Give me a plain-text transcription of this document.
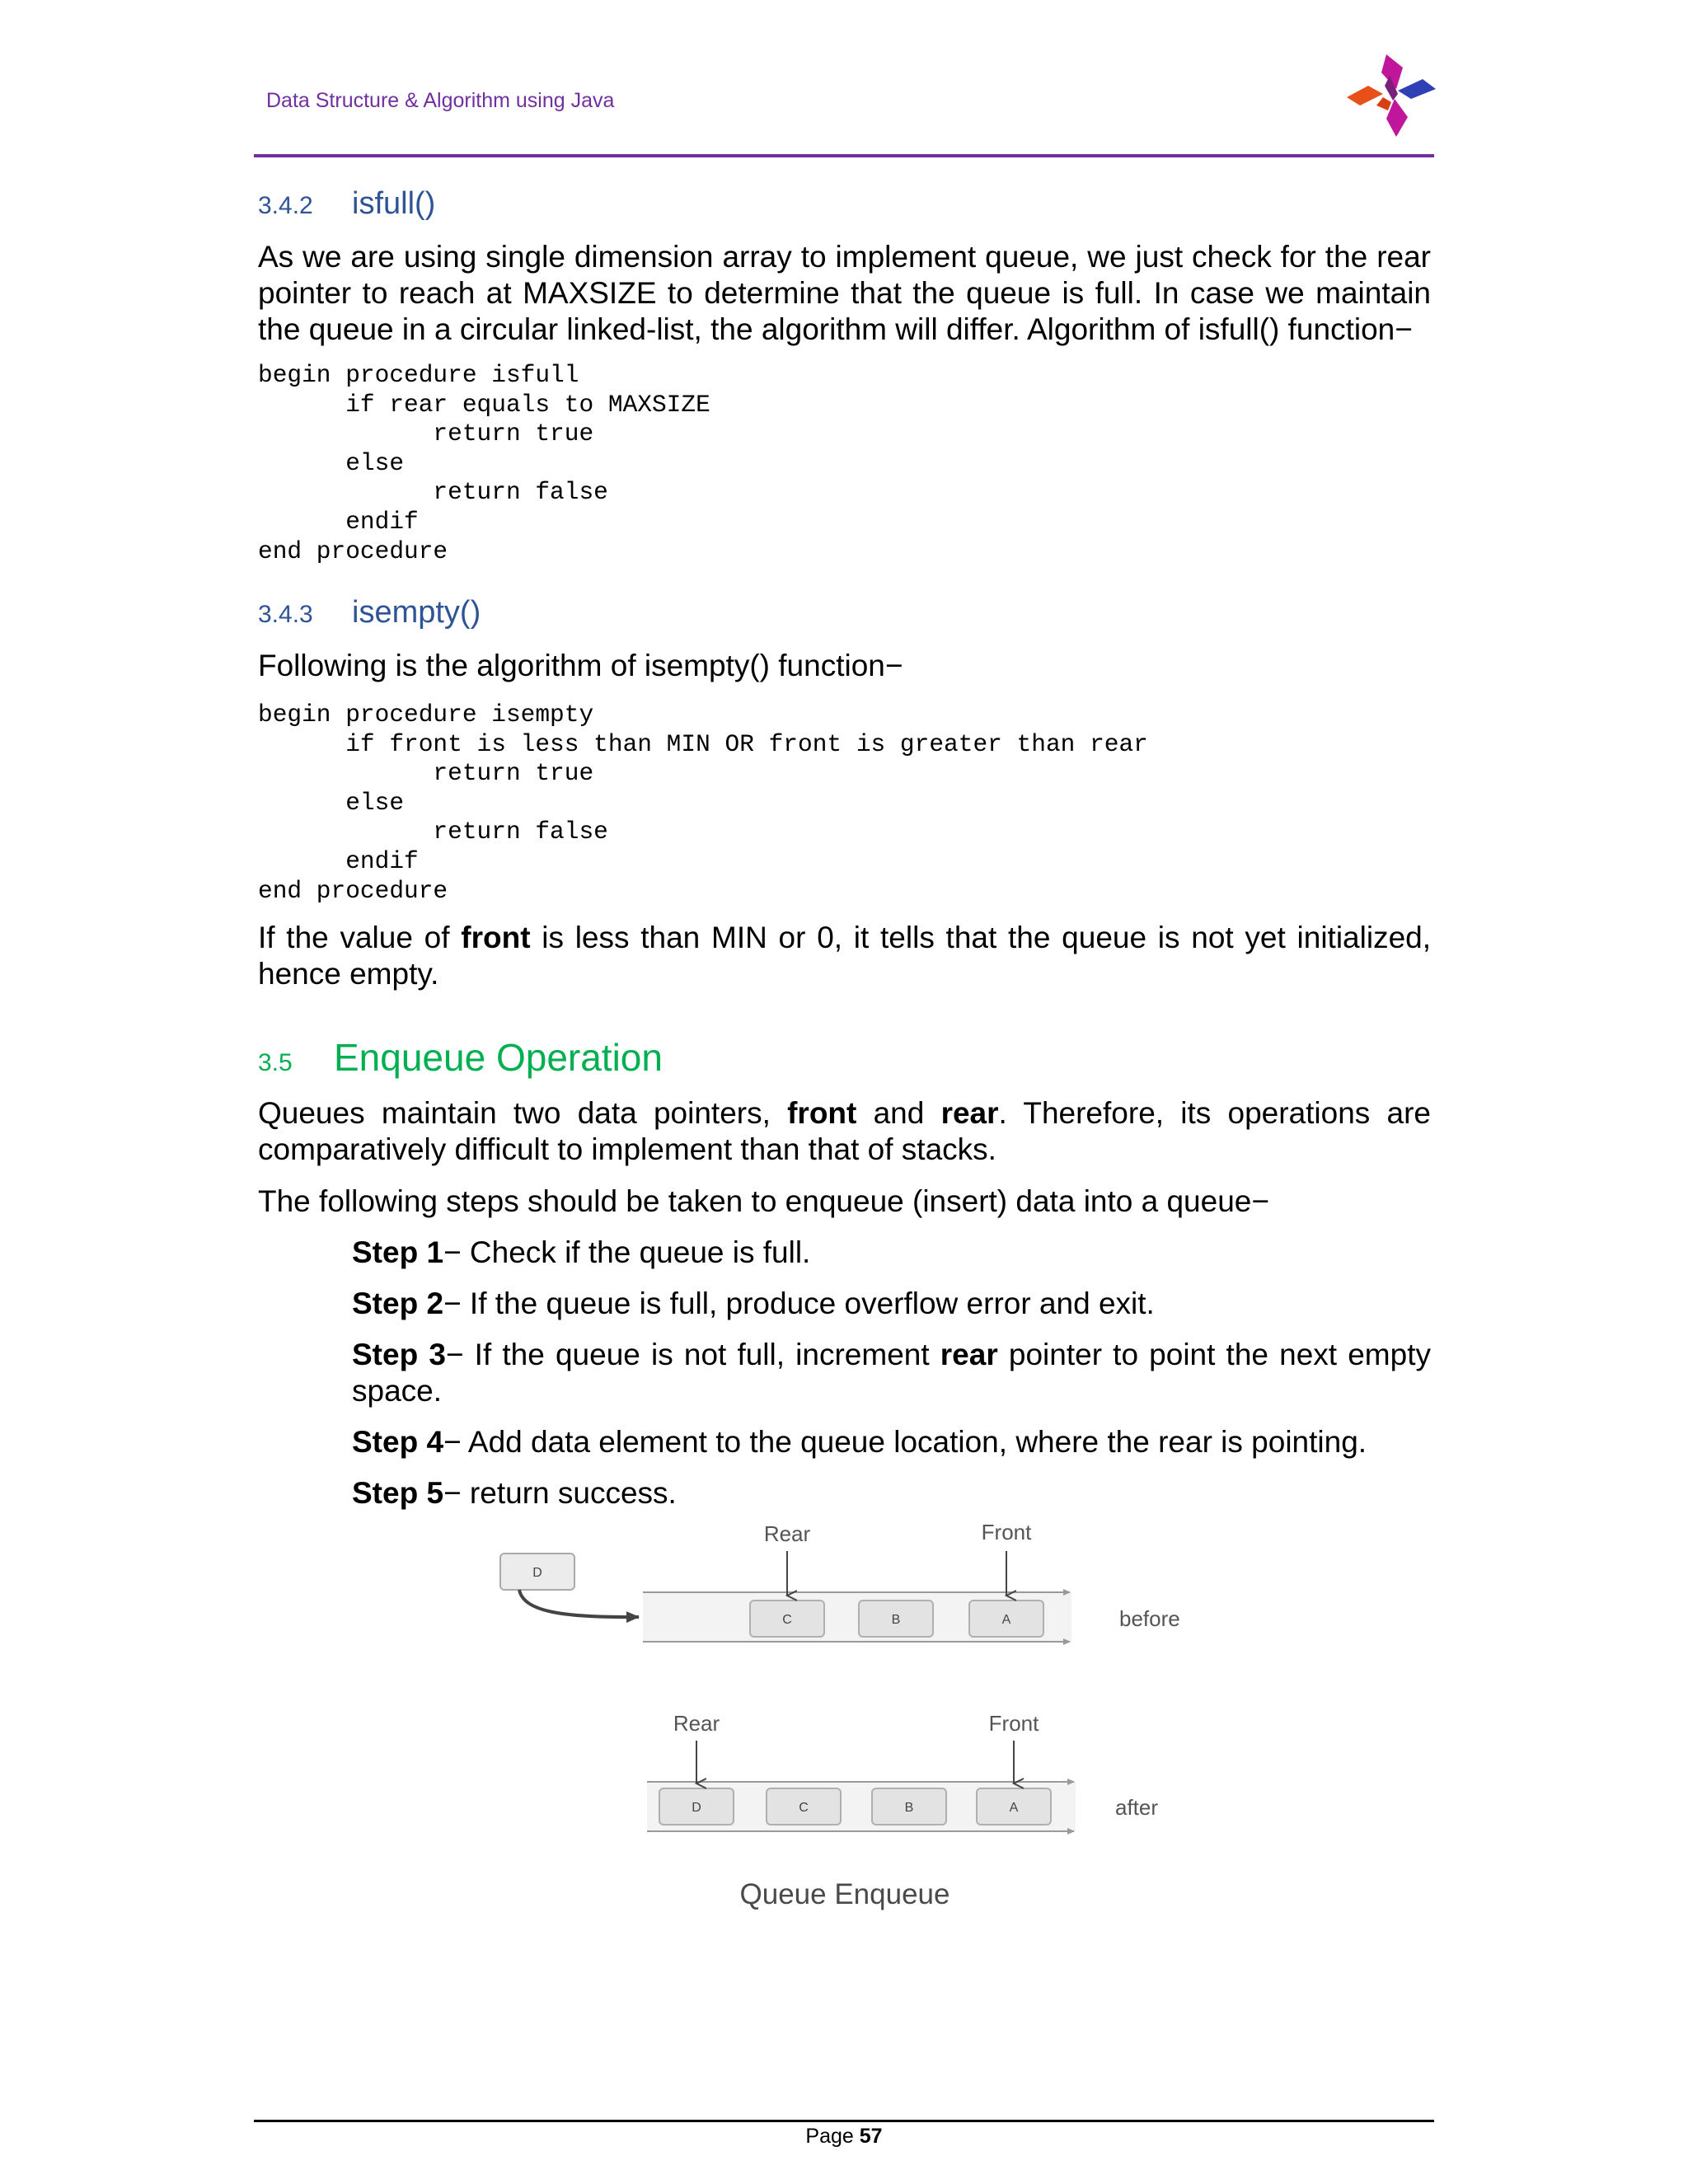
Data Structure & Algorithm using Java
3.4.2 isfull()
As we are using single dimension array to implement queue, we just check for the rear pointer to reach at MAXSIZE to determine that the queue is full. In case we maintain the queue in a circular linked-list, the algorithm will differ. Algorithm of isfull() function−
begin procedure isfull
if rear equals to MAXSIZE
return true
else
return false
endif
end procedure
3.4.3 isempty()
Following is the algorithm of isempty() function−
begin procedure isempty
if front is less than MIN OR front is greater than rear
return true
else
return false
endif
end procedure
If the value of front is less than MIN or 0, it tells that the queue is not yet initialized, hence empty.
3.5 Enqueue Operation
Queues maintain two data pointers, front and rear. Therefore, its operations are comparatively difficult to implement than that of stacks.
The following steps should be taken to enqueue (insert) data into a queue−
Step 1− Check if the queue is full.
Step 2− If the queue is full, produce overflow error and exit.
Step 3− If the queue is not full, increment rear pointer to point the next empty space.
Step 4− Add data element to the queue location, where the rear is pointing.
Step 5− return success.
D
C	B	A
Rear	Front
before
D	C	B	A
Rear	Front
after
Queue Enqueue
Page 57
